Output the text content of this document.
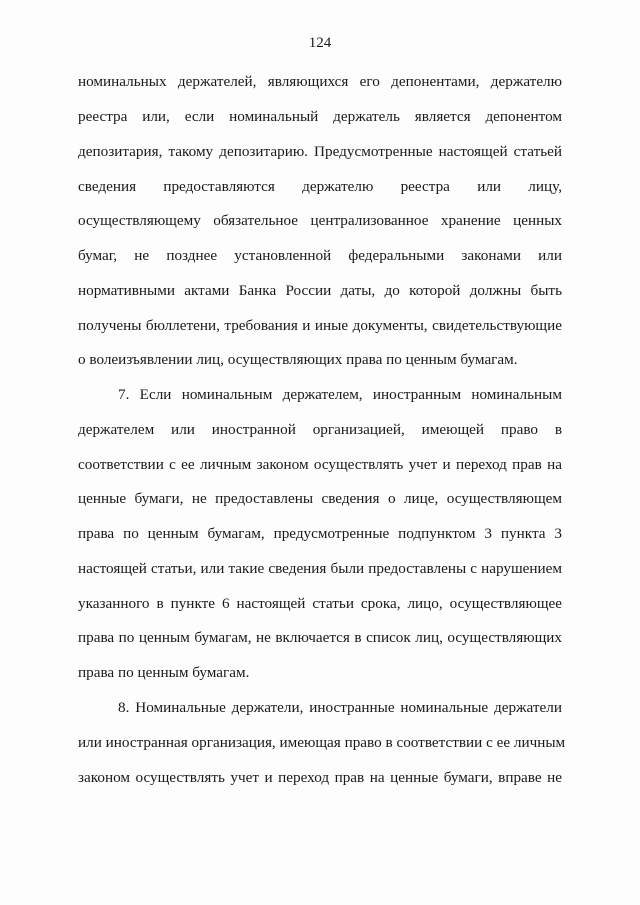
124
номинальных держателей, являющихся его депонентами, держателю
реестра или, если номинальный держатель является депонентом
депозитария, такому депозитарию. Предусмотренные настоящей статьей
сведения предоставляются держателю реестра или лицу,
осуществляющему обязательное централизованное хранение ценных
бумаг, не позднее установленной федеральными законами или
нормативными актами Банка России даты, до которой должны быть
получены бюллетени, требования и иные документы, свидетельствующие
о волеизъявлении лиц, осуществляющих права по ценным бумагам.
7. Если номинальным держателем, иностранным номинальным
держателем или иностранной организацией, имеющей право в
соответствии с ее личным законом осуществлять учет и переход прав на
ценные бумаги, не предоставлены сведения о лице, осуществляющем
права по ценным бумагам, предусмотренные подпунктом 3 пункта 3
настоящей статьи, или такие сведения были предоставлены с нарушением
указанного в пункте 6 настоящей статьи срока, лицо, осуществляющее
права по ценным бумагам, не включается в список лиц, осуществляющих
права по ценным бумагам.
8. Номинальные держатели, иностранные номинальные держатели
или иностранная организация, имеющая право в соответствии с ее личным
законом осуществлять учет и переход прав на ценные бумаги, вправе не
